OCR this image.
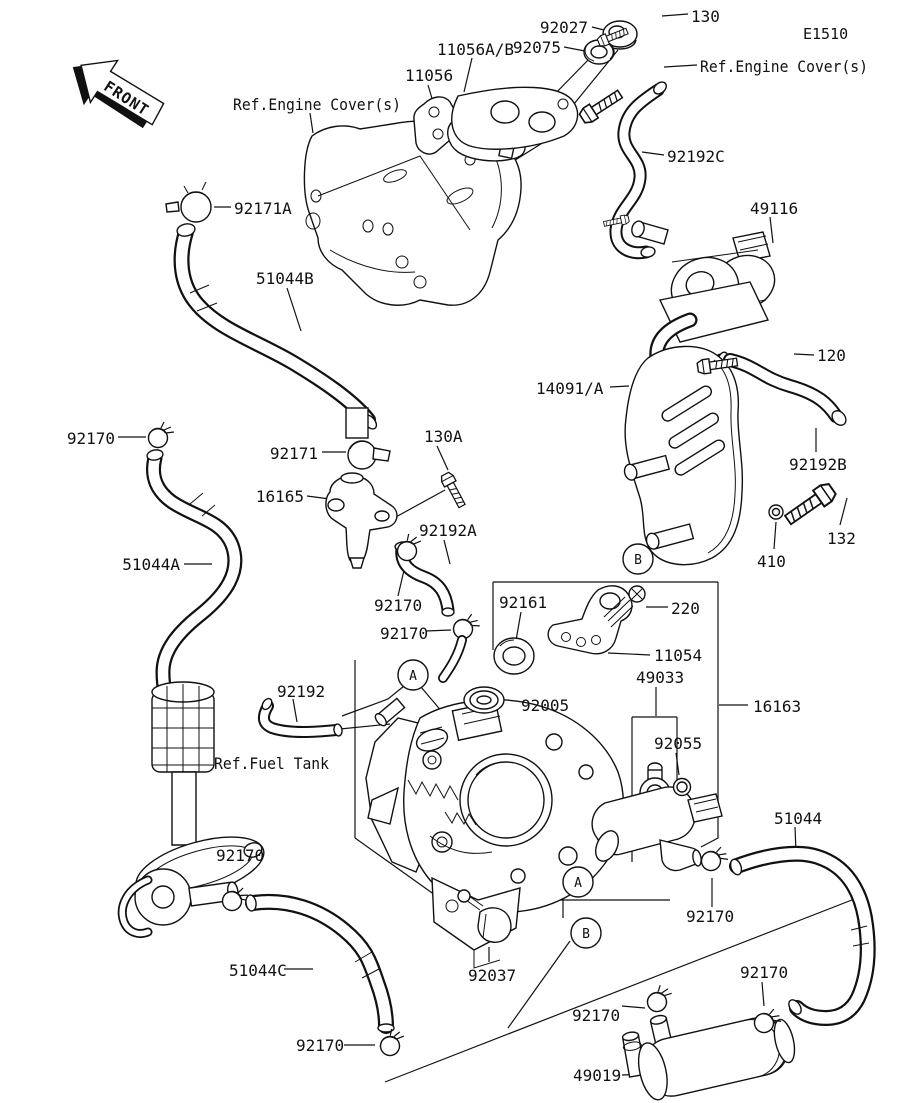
FRONT
A
A
B
B
92027
130
E1510
11056A/B
92075
11056	Ref.Engine Cover(s)
Ref.Engine Cover(s)
92192C
49116
92171A
51044B
120
14091/A
92192B
132
410
92170
92171
130A
16165
92192A
51044A
92170
92170
92161	220
11054
49033
16163
92005
92055
92192
Ref.Fuel Tank
92170
51044C	92037
92170
92170
49019
92170
51044
92170
